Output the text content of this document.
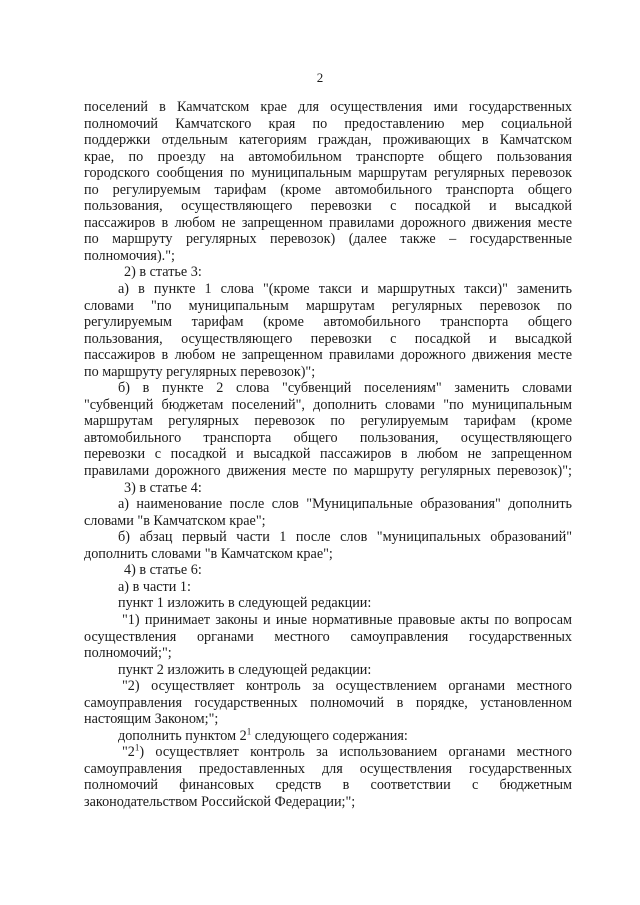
2
поселений в Камчатском крае для осуществления ими государственных
полномочий Камчатского края по предоставлению мер социальной
поддержки отдельным категориям граждан, проживающих в Камчатском
крае, по проезду на автомобильном транспорте общего пользования
городского сообщения по муниципальным маршрутам регулярных перевозок
по регулируемым тарифам (кроме автомобильного транспорта общего
пользования, осуществляющего перевозки с посадкой и высадкой
пассажиров в любом не запрещенном правилами дорожного движения месте
по маршруту регулярных перевозок) (далее также – государственные
полномочия).";
2) в статье 3:
а) в пункте 1 слова "(кроме такси и маршрутных такси)" заменить
словами "по муниципальным маршрутам регулярных перевозок по
регулируемым тарифам (кроме автомобильного транспорта общего
пользования, осуществляющего перевозки с посадкой и высадкой
пассажиров в любом не запрещенном правилами дорожного движения месте
по маршруту регулярных перевозок)";
б) в пункте 2 слова "субвенций поселениям" заменить словами
"субвенций бюджетам поселений", дополнить словами "по муниципальным
маршрутам регулярных перевозок по регулируемым тарифам (кроме
автомобильного транспорта общего пользования, осуществляющего
перевозки с посадкой и высадкой пассажиров в любом не запрещенном
правилами дорожного движения месте по маршруту регулярных перевозок)";
3) в статье 4:
а) наименование после слов "Муниципальные образования" дополнить
словами "в Камчатском крае";
б) абзац первый части 1 после слов "муниципальных образований"
дополнить словами "в Камчатском крае";
4) в статье 6:
а) в части 1:
пункт 1 изложить в следующей редакции:
"1) принимает законы и иные нормативные правовые акты по вопросам
осуществления органами местного самоуправления государственных
полномочий;";
пункт 2 изложить в следующей редакции:
"2) осуществляет контроль за осуществлением органами местного
самоуправления государственных полномочий в порядке, установленном
настоящим Законом;";
дополнить пунктом $2^1$ следующего содержания:
"$2^1$) осуществляет контроль за использованием органами местного
самоуправления предоставленных для осуществления государственных
полномочий финансовых средств в соответствии с бюджетным
законодательством Российской Федерации;";
